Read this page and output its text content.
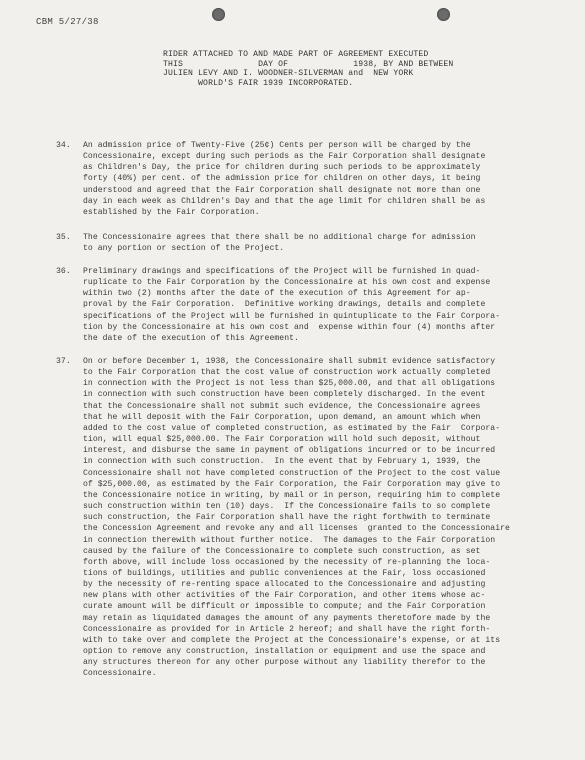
CBM 5/27/38
RIDER ATTACHED TO AND MADE PART OF AGREEMENT EXECUTED
THIS               DAY OF             1938, BY AND BETWEEN
JULIEN LEVY AND I. WOODNER-SILVERMAN and  NEW YORK
WORLD'S FAIR 1939 INCORPORATED.
34.	An admission price of Twenty-Five (25¢) Cents per person will be charged by the
Concessionaire, except during such periods as the Fair Corporation shall designate
as Children's Day, the price for children during such periods to be approximately
forty (40%) per cent. of the admission price for children on other days, it being
understood and agreed that the Fair Corporation shall designate not more than one
day in each week as Children's Day and that the age limit for children shall be as
established by the Fair Corporation.
35.	The Concessionaire agrees that there shall be no additional charge for admission
to any portion or section of the Project.
36.	Preliminary drawings and specifications of the Project will be furnished in quad-
ruplicate to the Fair Corporation by the Concessionaire at his own cost and expense
within two (2) months after the date of the execution of this Agreement for ap-
proval by the Fair Corporation.  Definitive working drawings, details and complete
specifications of the Project will be furnished in quintuplicate to the Fair Corpora-
tion by the Concessionaire at his own cost and  expense within four (4) months after
the date of the execution of this Agreement.
37.	On or before December 1, 1938, the Concessionaire shall submit evidence satisfactory
to the Fair Corporation that the cost value of construction work actually completed
in connection with the Project is not less than $25,000.00, and that all obligations
in connection with such construction have been completely discharged. In the event
that the Concessionaire shall not submit such evidence, the Concessionaire agrees
that he will deposit with the Fair Corporation, upon demand, an amount which when
added to the cost value of completed construction, as estimated by the Fair  Corpora-
tion, will equal $25,000.00. The Fair Corporation will hold such deposit, without
interest, and disburse the same in payment of obligations incurred or to be incurred
in connection with such construction.  In the event that by February 1, 1939, the
Concessionaire shall not have completed construction of the Project to the cost value
of $25,000.00, as estimated by the Fair Corporation, the Fair Corporation may give to
the Concessionaire notice in writing, by mail or in person, requiring him to complete
such construction within ten (10) days.  If the Concessionaire fails to so complete
such construction, the Fair Corporation shall have the right forthwith to terminate
the Concession Agreement and revoke any and all licenses  granted to the Concessionaire
in connection therewith without further notice.  The damages to the Fair Corporation
caused by the failure of the Concessionaire to complete such construction, as set
forth above, will include loss occasioned by the necessity of re-planning the loca-
tions of buildings, utilities and public conveniences at the Fair, loss occasioned
by the necessity of re-renting space allocated to the Concessionaire and adjusting
new plans with other activities of the Fair Corporation, and other items whose ac-
curate amount will be difficult or impossible to compute; and the Fair Corporation
may retain as liquidated damages the amount of any payments theretofore made by the
Concessionaire as provided for in Article 2 hereof; and shall have the right forth-
with to take over and complete the Project at the Concessionaire's expense, or at its
option to remove any construction, installation or equipment and use the space and
any structures thereon for any other purpose without any liability therefor to the
Concessionaire.
